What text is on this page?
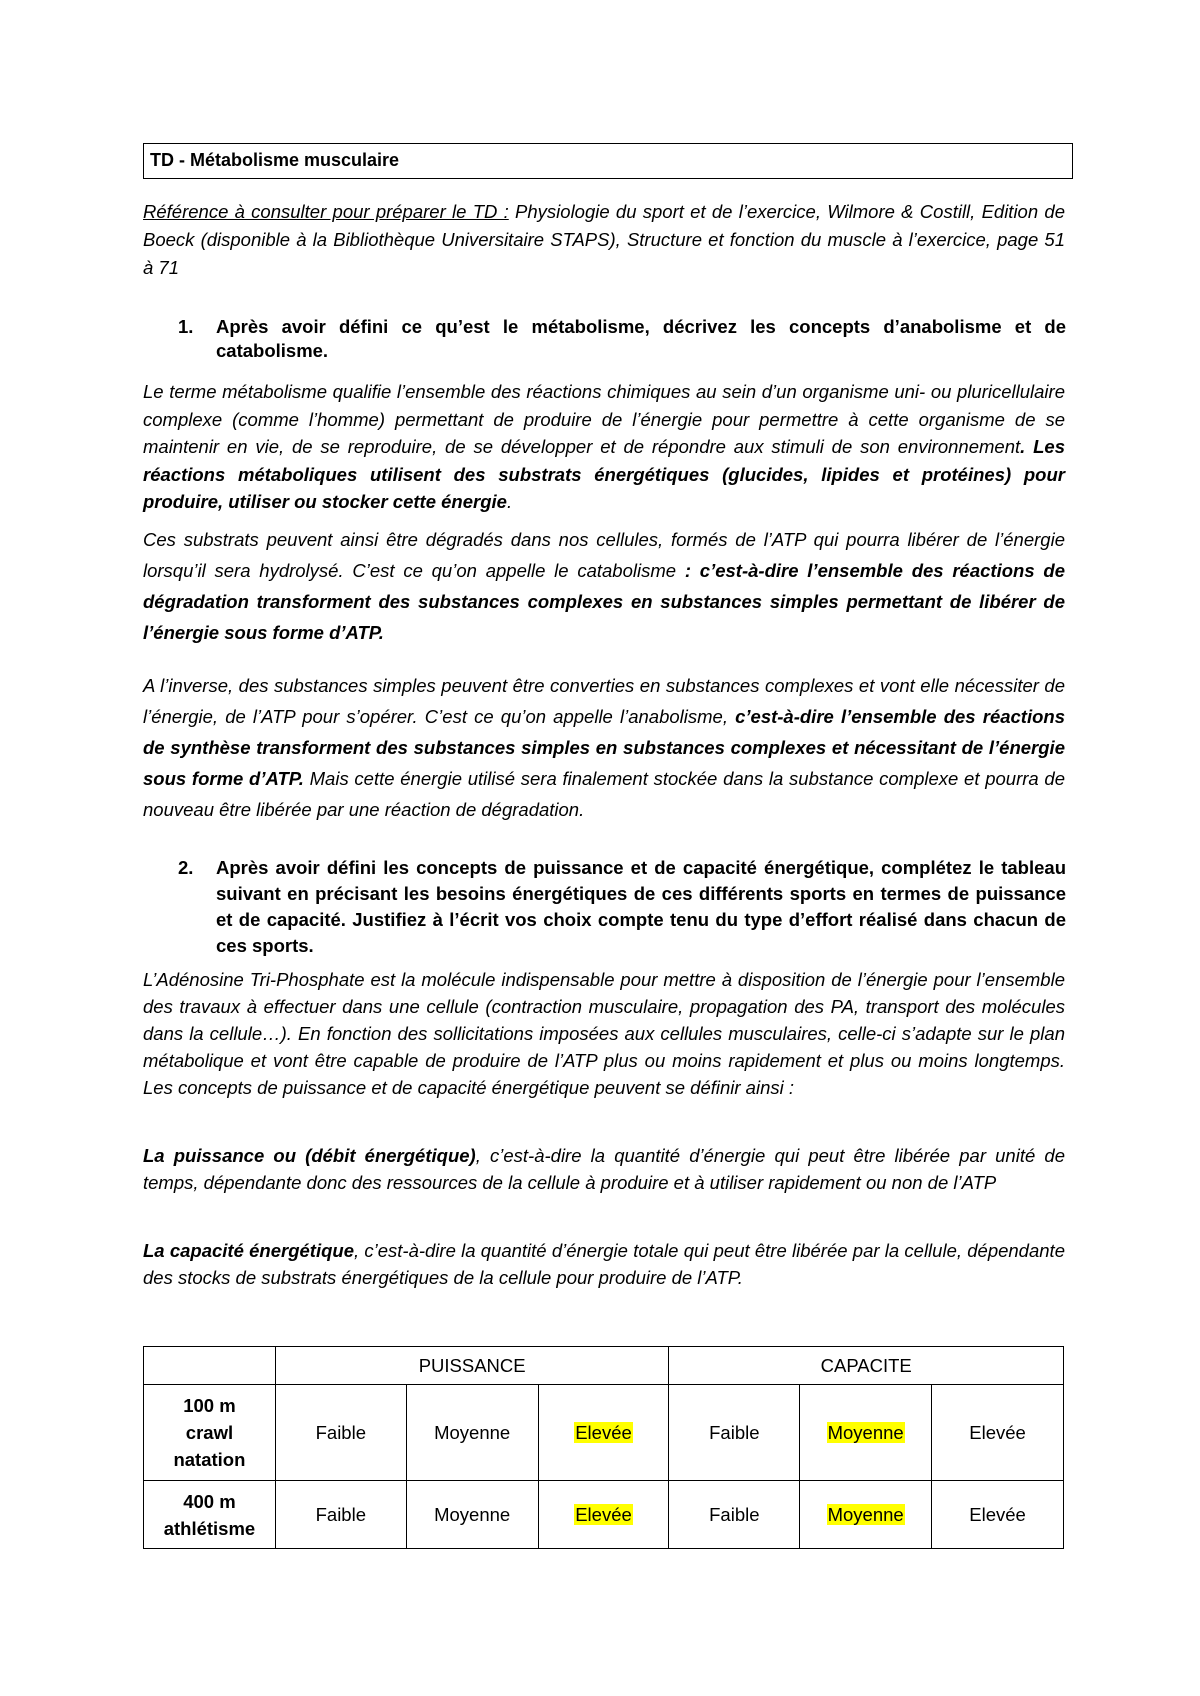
TD - Métabolisme musculaire
Référence à consulter pour préparer le TD : Physiologie du sport et de l’exercice, Wilmore & Costill, Edition de Boeck (disponible à la Bibliothèque Universitaire STAPS), Structure et fonction du muscle à l’exercice, page 51 à 71
1. Après avoir défini ce qu’est le métabolisme, décrivez les concepts d’anabolisme et de catabolisme.
Le terme métabolisme qualifie l’ensemble des réactions chimiques au sein d’un organisme uni- ou pluricellulaire complexe (comme l’homme) permettant de produire de l’énergie pour permettre à cette organisme de se maintenir en vie, de se reproduire, de se développer et de répondre aux stimuli de son environnement. Les réactions métaboliques utilisent des substrats énergétiques (glucides, lipides et protéines) pour produire, utiliser ou stocker cette énergie.
Ces substrats peuvent ainsi être dégradés dans nos cellules, formés de l’ATP qui pourra libérer de l’énergie lorsqu’il sera hydrolysé. C’est ce qu’on appelle le catabolisme : c’est-à-dire l’ensemble des réactions de dégradation transforment des substances complexes en substances simples permettant de libérer de l’énergie sous forme d’ATP.
A l’inverse, des substances simples peuvent être converties en substances complexes et vont elle nécessiter de l’énergie, de l’ATP pour s’opérer. C’est ce qu’on appelle l’anabolisme, c’est-à-dire l’ensemble des réactions de synthèse transforment des substances simples en substances complexes et nécessitant de l’énergie sous forme d’ATP. Mais cette énergie utilisé sera finalement stockée dans la substance complexe et pourra de nouveau être libérée par une réaction de dégradation.
2. Après avoir défini les concepts de puissance et de capacité énergétique, complétez le tableau suivant en précisant les besoins énergétiques de ces différents sports en termes de puissance et de capacité. Justifiez à l’écrit vos choix compte tenu du type d’effort réalisé dans chacun de ces sports.
L’Adénosine Tri-Phosphate est la molécule indispensable pour mettre à disposition de l’énergie pour l’ensemble des travaux à effectuer dans une cellule (contraction musculaire, propagation des PA, transport des molécules dans la cellule…). En fonction des sollicitations imposées aux cellules musculaires, celle-ci s’adapte sur le plan métabolique et vont être capable de produire de l’ATP plus ou moins rapidement et plus ou moins longtemps. Les concepts de puissance et de capacité énergétique peuvent se définir ainsi :
La puissance ou (débit énergétique), c’est-à-dire la quantité d’énergie qui peut être libérée par unité de temps, dépendante donc des ressources de la cellule à produire et à utiliser rapidement ou non de l’ATP
La capacité énergétique, c’est-à-dire la quantité d’énergie totale qui peut être libérée par la cellule, dépendante des stocks de substrats énergétiques de la cellule pour produire de l’ATP.
	PUISSANCE			CAPACITE		

100 m
crawl
natation	Faible	Moyenne	Elevée	Faible	Moyenne	Elevée

400 m
athlétisme	Faible	Moyenne	Elevée	Faible	Moyenne	Elevée
